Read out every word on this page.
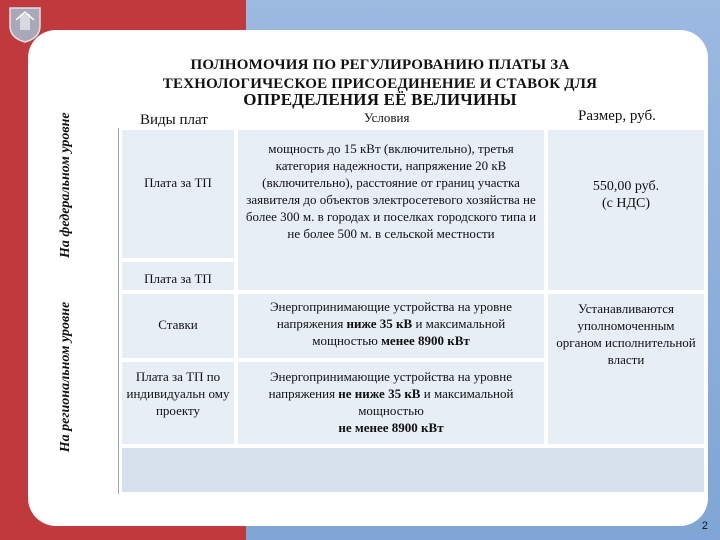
ПОЛНОМОЧИЯ ПО РЕГУЛИРОВАНИЮ ПЛАТЫ ЗА
ТЕХНОЛОГИЧЕСКОЕ ПРИСОЕДИНЕНИЕ И СТАВОК ДЛЯ
ОПРЕДЕЛЕНИЯ ЕЁ ВЕЛИЧИНЫ
Виды плат	Условия	Размер, руб.
На федеральном уровне
На региональном уровне
Плата за ТП
мощность до 15 кВт (включительно), третья категория надежности, напряжение 20 кВ (включительно), расстояние от границ участка заявителя до объектов электросетевого хозяйства не более 300 м. в городах и поселках городского типа и не более 500 м. в сельской местности
550,00 руб.
(с НДС)
Плата за ТП
Ставки
Энергопринимающие устройства на уровне напряжения ниже 35 кВ и максимальной мощностью менее 8900 кВт
Устанавливаются уполномоченным органом исполнительной власти
Плата за ТП по индивидуальн ому проекту
Энергопринимающие устройства на уровне напряжения не ниже 35 кВ и максимальной мощностью
не менее 8900 кВт
2
